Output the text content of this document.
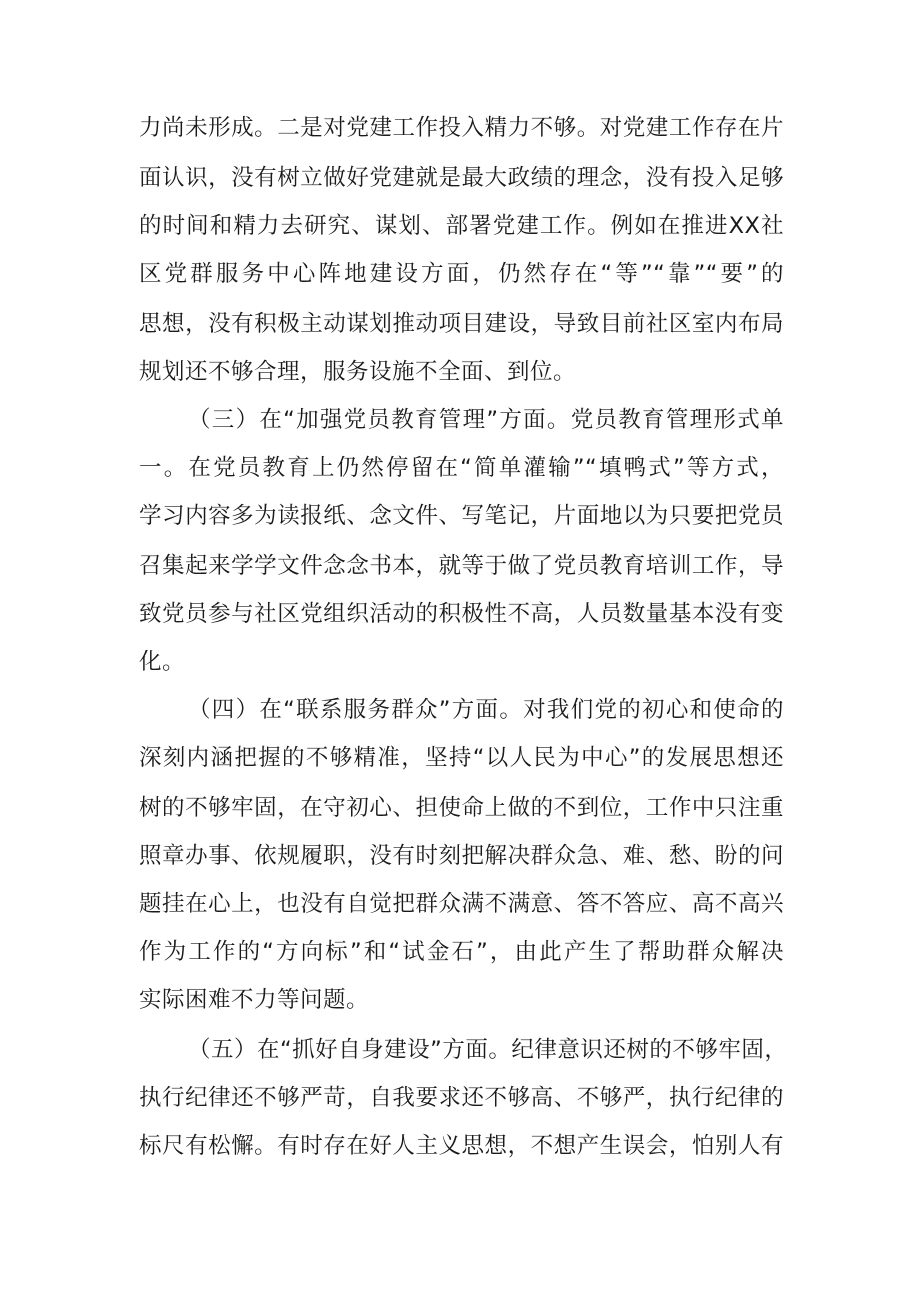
力尚未形成。二是对党建工作投入精力不够。对党建工作存在片
面认识，没有树立做好党建就是最大政绩的理念，没有投入足够
的时间和精力去研究、谋划、部署党建工作。例如在推进XX社
区党群服务中心阵地建设方面，仍然存在“等”“靠”“要”的
思想，没有积极主动谋划推动项目建设，导致目前社区室内布局
规划还不够合理，服务设施不全面、到位。
（三）在“加强党员教育管理”方面。党员教育管理形式单
一。在党员教育上仍然停留在“简单灌输”“填鸭式”等方式，
学习内容多为读报纸、念文件、写笔记，片面地以为只要把党员
召集起来学学文件念念书本，就等于做了党员教育培训工作，导
致党员参与社区党组织活动的积极性不高，人员数量基本没有变
化。
（四）在“联系服务群众”方面。对我们党的初心和使命的
深刻内涵把握的不够精准，坚持“以人民为中心”的发展思想还
树的不够牢固，在守初心、担使命上做的不到位，工作中只注重
照章办事、依规履职，没有时刻把解决群众急、难、愁、盼的问
题挂在心上，也没有自觉把群众满不满意、答不答应、高不高兴
作为工作的“方向标”和“试金石”，由此产生了帮助群众解决
实际困难不力等问题。
（五）在“抓好自身建设”方面。纪律意识还树的不够牢固，
执行纪律还不够严苛，自我要求还不够高、不够严，执行纪律的
标尺有松懈。有时存在好人主义思想，不想产生误会，怕别人有
